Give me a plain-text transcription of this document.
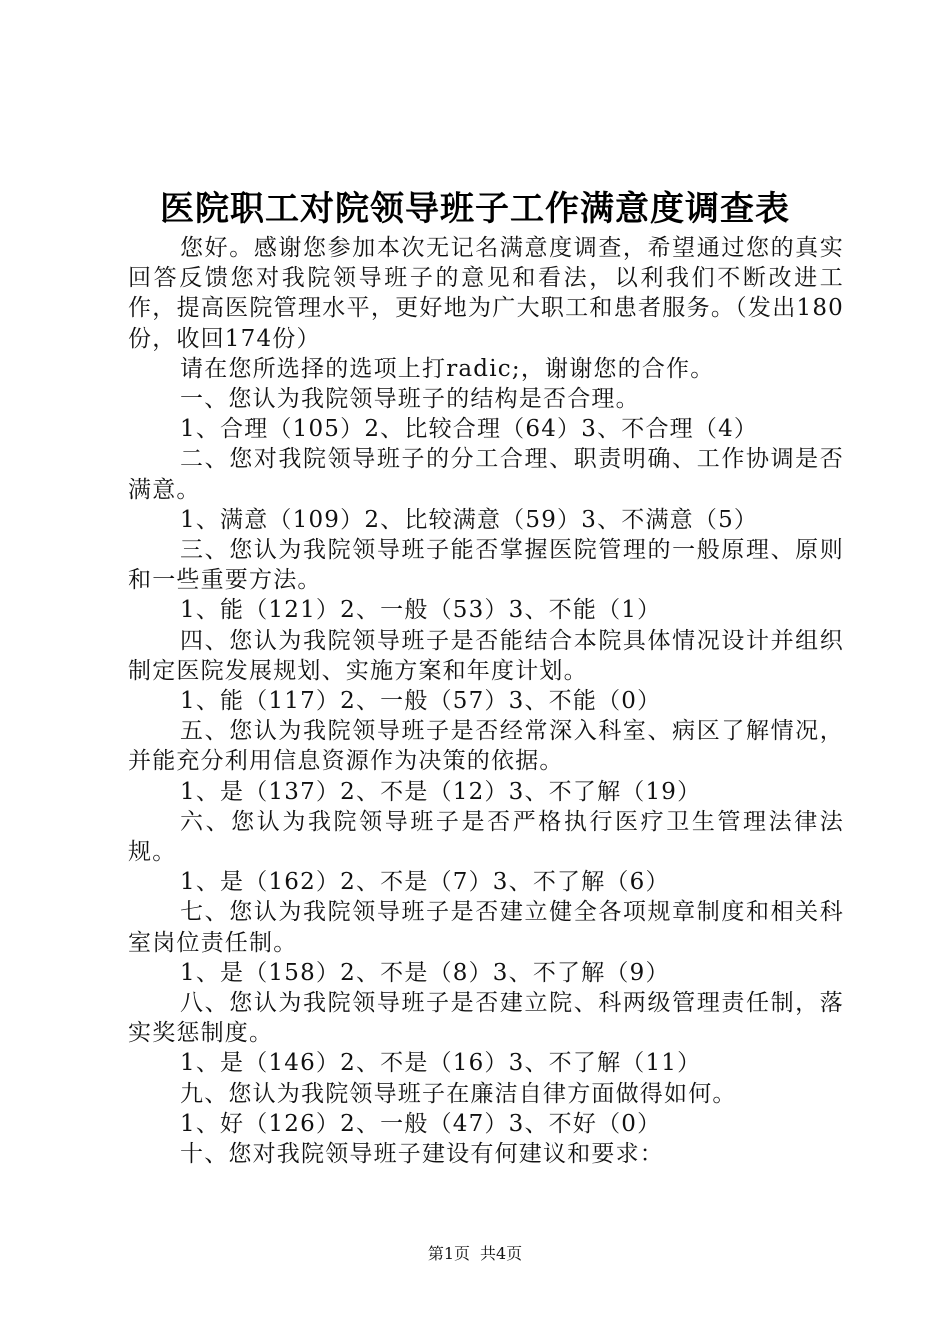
医院职工对院领导班子工作满意度调查表

您好。感谢您参加本次无记名满意度调查，希望通过您的真实回答反馈您对我院领导班子的意见和看法，以利我们不断改进工作，提高医院管理水平，更好地为广大职工和患者服务。（发出180份，收回174份）

请在您所选择的选项上打radic;，谢谢您的合作。

一、您认为我院领导班子的结构是否合理。

1、合理（105）2、比较合理（64）3、不合理（4）

二、您对我院领导班子的分工合理、职责明确、工作协调是否满意。

1、满意（109）2、比较满意（59）3、不满意（5）

三、您认为我院领导班子能否掌握医院管理的一般原理、原则和一些重要方法。

1、能（121）2、一般（53）3、不能（1）

四、您认为我院领导班子是否能结合本院具体情况设计并组织制定医院发展规划、实施方案和年度计划。

1、能（117）2、一般（57）3、不能（0）

五、您认为我院领导班子是否经常深入科室、病区了解情况，并能充分利用信息资源作为决策的依据。

1、是（137）2、不是（12）3、不了解（19）

六、您认为我院领导班子是否严格执行医疗卫生管理法律法规。

1、是（162）2、不是（7）3、不了解（6）

七、您认为我院领导班子是否建立健全各项规章制度和相关科室岗位责任制。

1、是（158）2、不是（8）3、不了解（9）

八、您认为我院领导班子是否建立院、科两级管理责任制，落实奖惩制度。

1、是（146）2、不是（16）3、不了解（11）

九、您认为我院领导班子在廉洁自律方面做得如何。

1、好（126）2、一般（47）3、不好（0）

十、您对我院领导班子建设有何建议和要求：

第1页 共4页
